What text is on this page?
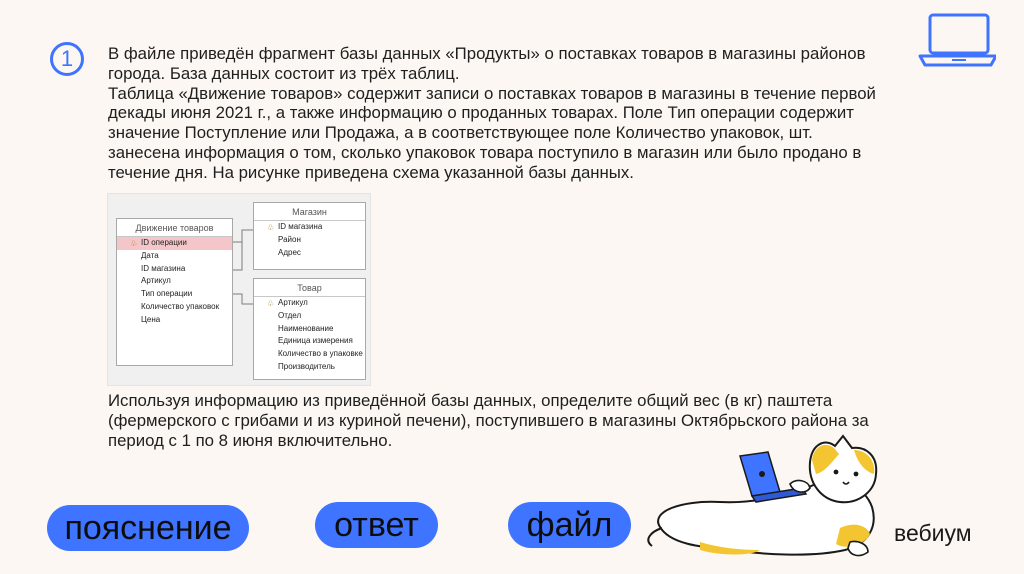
1 В файле приведён фрагмент базы данных «Продукты» о поставках товаров в магазины районов города. База данных состоит из трёх таблиц.

Таблица «Движение товаров» содержит записи о поставках товаров в магазины в течение первой декады июня 2021 г., а также информацию о проданных товарах. Поле Тип операции содержит значение Поступление или Продажа, а в соответствующее поле Количество упаковок, шт. занесена информация о том, сколько упаковок товара поступило в магазин или было продано в течение дня. На рисунке приведена схема указанной базы данных.

Движение товаров
♧ ID операции
Дата
ID магазина
Артикул
Тип операции
Количество упаковок
Цена
Магазин
♧ ID магазина
Район
Адрес
Товар
♧ Артикул
Отдел
Наименование
Единица измерения
Количество в упаковке
Производитель
Используя информацию из приведённой базы данных, определите общий вес (в кг) паштета (фермерского с грибами и из куриной печени), поступившего в магазины Октябрьского района за период с 1 по 8 июня включительно.
пояснение	ответ	файл	вебиум
